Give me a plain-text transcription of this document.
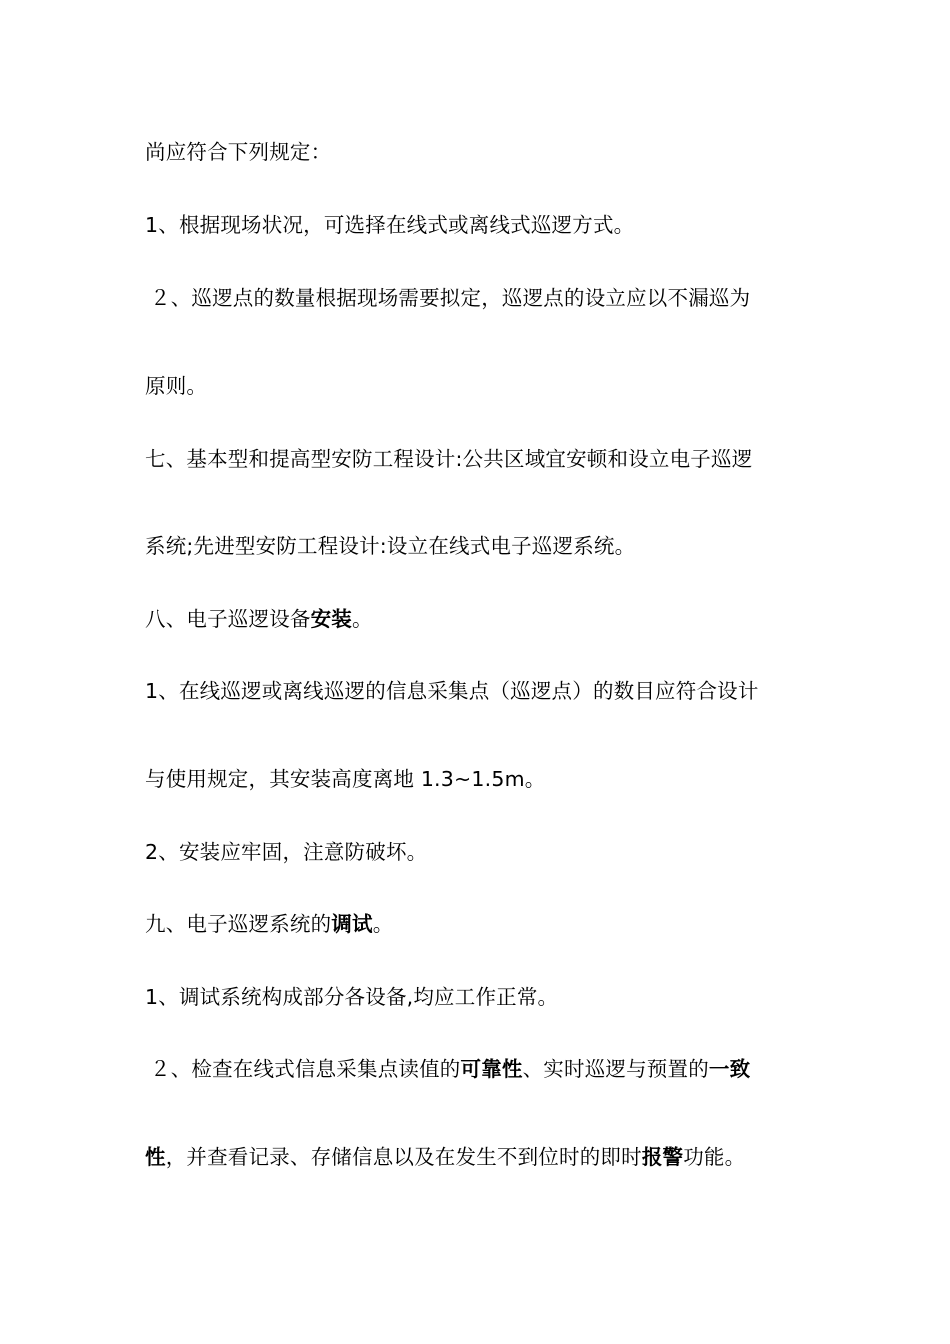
尚应符合下列规定：
1、根据现场状况，可选择在线式或离线式巡逻方式。
２、巡逻点的数量根据现场需要拟定，巡逻点的设立应以不漏巡为
原则。
七、基本型和提高型安防工程设计:公共区域宜安顿和设立电子巡逻
系统;先进型安防工程设计:设立在线式电子巡逻系统。
八、电子巡逻设备安装。
1、在线巡逻或离线巡逻的信息采集点（巡逻点）的数目应符合设计
与使用规定，其安装高度离地 1.3~1.5m。
2、安装应牢固，注意防破坏。
九、电子巡逻系统的调试。
1、调试系统构成部分各设备,均应工作正常。
２、检查在线式信息采集点读值的可靠性、实时巡逻与预置的一致
性，并查看记录、存储信息以及在发生不到位时的即时报警功能。
